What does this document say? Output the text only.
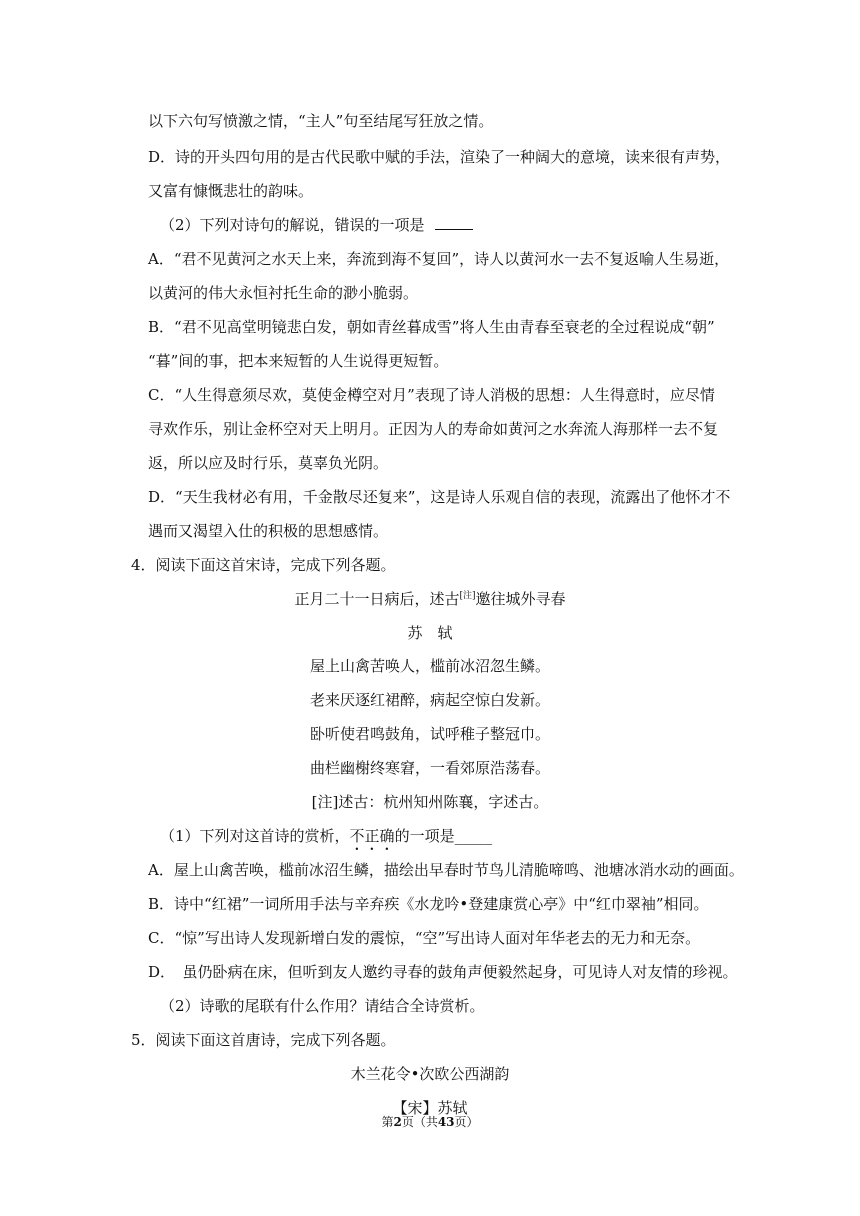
以下六句写愤激之情，“主人”句至结尾写狂放之情。
D．诗的开头四句用的是古代民歌中赋的手法，渲染了一种阔大的意境，读来很有声势，
又富有慷慨悲壮的韵味。
（2）下列对诗句的解说，错误的一项是
A．“君不见黄河之水天上来，奔流到海不复回”，诗人以黄河水一去不复返喻人生易逝，
以黄河的伟大永恒衬托生命的渺小脆弱。
B．“君不见高堂明镜悲白发，朝如青丝暮成雪”将人生由青春至衰老的全过程说成“朝”
“暮”间的事，把本来短暂的人生说得更短暂。
C．“人生得意须尽欢，莫使金樽空对月”表现了诗人消极的思想：人生得意时，应尽情
寻欢作乐，别让金杯空对天上明月。正因为人的寿命如黄河之水奔流人海那样一去不复
返，所以应及时行乐，莫辜负光阴。
D．“天生我材必有用，千金散尽还复来”，这是诗人乐观自信的表现，流露出了他怀才不
遇而又渴望入仕的积极的思想感情。
4．阅读下面这首宋诗，完成下列各题。
正月二十一日病后，述古[注]邀往城外寻春
苏　轼
屋上山禽苦唤人，槛前冰沼忽生鳞。
老来厌逐红裙醉，病起空惊白发新。
卧听使君鸣鼓角，试呼稚子整冠巾。
曲栏幽榭终寒窘，一看郊原浩荡春。
[注]述古：杭州知州陈襄，字述古。
（1）下列对这首诗的赏析，不正确的一项是_____
A．屋上山禽苦唤，槛前冰沼生鳞，描绘出早春时节鸟儿清脆啼鸣、池塘冰消水动的画面。
B．诗中“红裙”一词所用手法与辛弃疾《水龙吟•登建康赏心亭》中“红巾翠袖”相同。
C．“惊”写出诗人发现新增白发的震惊，“空”写出诗人面对年华老去的无力和无奈。
D．　虽仍卧病在床，但听到友人邀约寻春的鼓角声便毅然起身，可见诗人对友情的珍视。
（2）诗歌的尾联有什么作用？请结合全诗赏析。
5．阅读下面这首唐诗，完成下列各题。
木兰花令•次欧公西湖韵
【宋】苏轼
第2页（共43页）
